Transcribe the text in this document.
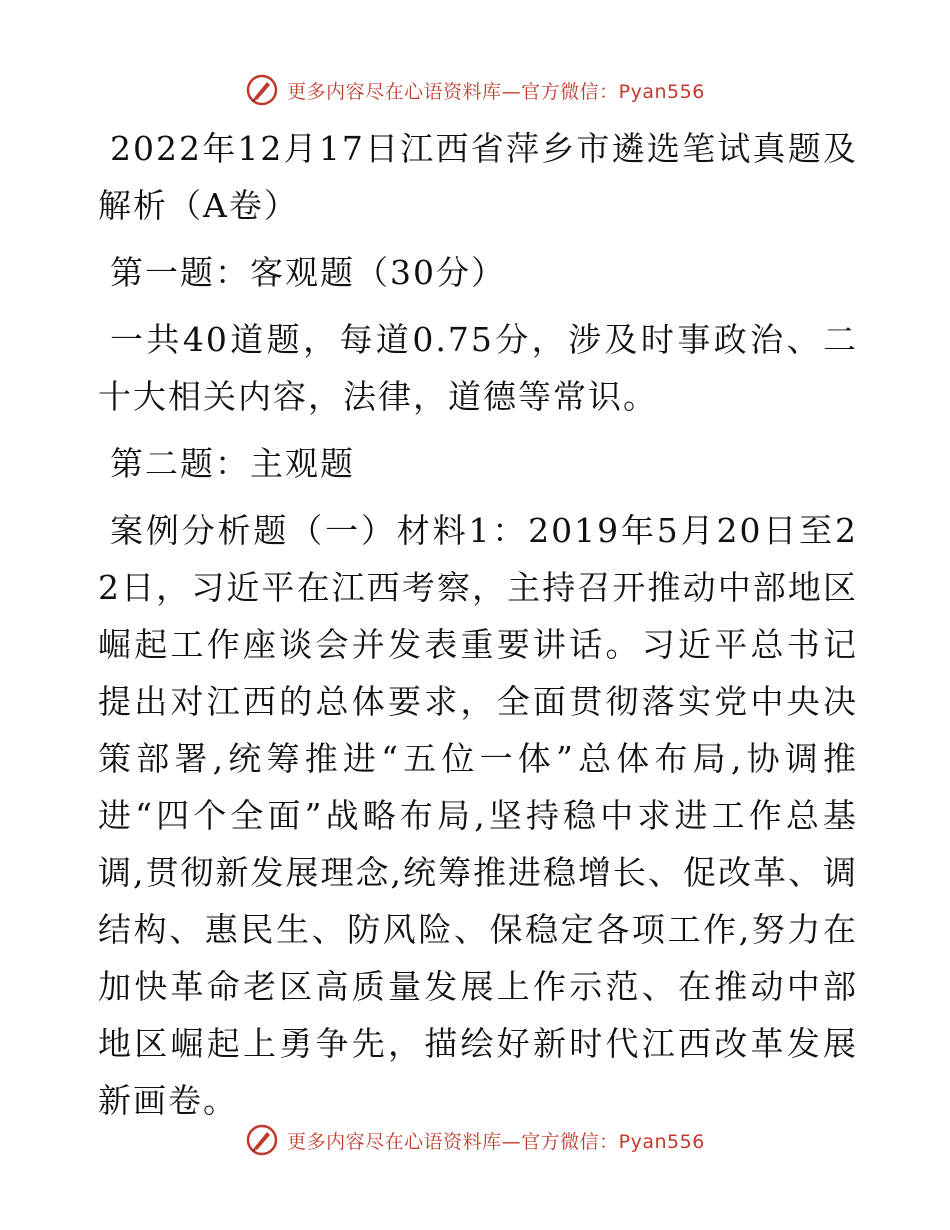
更多内容尽在心语资料库—官方微信：Pyan556

2022年12月17日江西省萍乡市遴选笔试真题及解析（A卷）

第一题：客观题（30分）

一共40道题，每道0.75分，涉及时事政治、二十大相关内容，法律，道德等常识。

第二题：主观题

案例分析题（一）材料1：2019年5月20日至22日，习近平在江西考察，主持召开推动中部地区崛起工作座谈会并发表重要讲话。习近平总书记提出对江西的总体要求，全面贯彻落实党中央决策部署,统筹推进“五位一体”总体布局,协调推进“四个全面”战略布局,坚持稳中求进工作总基调,贯彻新发展理念,统筹推进稳增长、促改革、调结构、惠民生、防风险、保稳定各项工作,努力在加快革命老区高质量发展上作示范、在推动中部地区崛起上勇争先，描绘好新时代江西改革发展新画卷。

更多内容尽在心语资料库—官方微信：Pyan556
